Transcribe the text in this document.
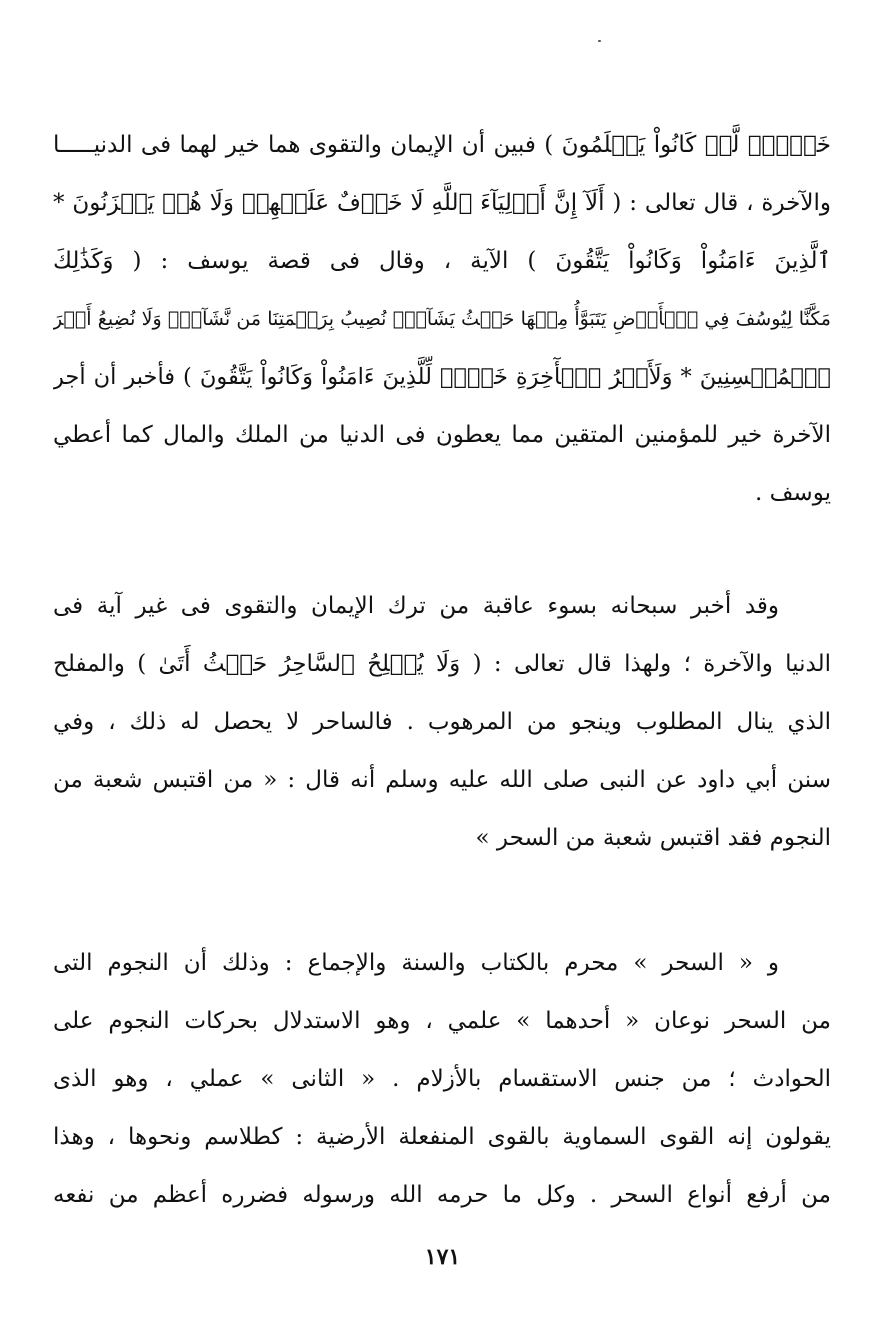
خَيۡرٞۚ لَّوۡ كَانُواْ يَعۡلَمُونَ ) فبين أن الإيمان والتقوى هما خير لهما فى الدنيـــــا
والآخرة ، قال تعالى : ( أَلَآ إِنَّ أَوۡلِيَآءَ ٱللَّهِ لَا خَوۡفٌ عَلَيۡهِمۡ وَلَا هُمۡ يَحۡزَنُونَ *
ٱلَّذِينَ ءَامَنُواْ وَكَانُواْ يَتَّقُونَ ) الآية ، وقال فى قصة يوسف : ( وَكَذَٰلِكَ
مَكَّنَّا لِيُوسُفَ فِي ٱلۡأَرۡضِ يَتَبَوَّأُ مِنۡهَا حَيۡثُ يَشَآءُۚ نُصِيبُ بِرَحۡمَتِنَا مَن نَّشَآءُۖ وَلَا نُضِيعُ أَجۡرَ
ٱلۡمُحۡسِنِينَ * وَلَأَجۡرُ ٱلۡأٓخِرَةِ خَيۡرٞ لِّلَّذِينَ ءَامَنُواْ وَكَانُواْ يَتَّقُونَ ) فأخبر أن أجر
الآخرة خير للمؤمنين المتقين مما يعطون فى الدنيا من الملك والمال كما أعطي
يوسف .
وقد أخبر سبحانه بسوء عاقبة من ترك الإيمان والتقوى فى غير آية فى
الدنيا والآخرة ؛ ولهذا قال تعالى : ( وَلَا يُفۡلِحُ ٱلسَّاحِرُ حَيۡثُ أَتَىٰ ) والمفلح
الذي ينال المطلوب وينجو من المرهوب . فالساحر لا يحصل له ذلك ، وفي
سنن أبي داود عن النبى صلى الله عليه وسلم أنه قال : « من اقتبس شعبة من
النجوم فقد اقتبس شعبة من السحر »
و « السحر » محرم بالكتاب والسنة والإجماع : وذلك أن النجوم التى
من السحر نوعان « أحدهما » علمي ، وهو الاستدلال بحركات النجوم على
الحوادث ؛ من جنس الاستقسام بالأزلام . « الثانى » عملي ، وهو الذى
يقولون إنه القوى السماوية بالقوى المنفعلة الأرضية : كطلاسم ونحوها ، وهذا
من أرفع أنواع السحر . وكل ما حرمه الله ورسوله فضرره أعظم من نفعه
١٧١
